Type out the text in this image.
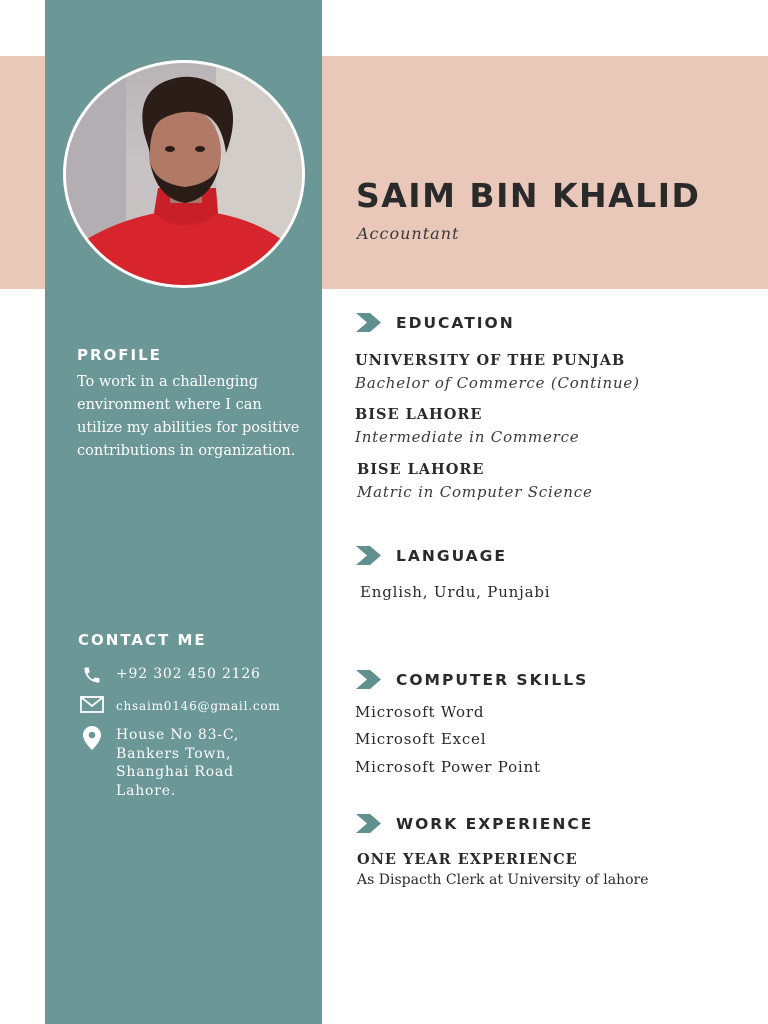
SAIM BIN KHALID
Accountant
PROFILE
To work in a challenging environment where I can utilize my abilities for positive contributions in organization.
CONTACT ME
+92 302 450 2126
chsaim0146@gmail.com
House No 83-C,
Bankers Town,
Shanghai Road
Lahore.
EDUCATION
UNIVERSITY OF THE PUNJAB
Bachelor of Commerce (Continue)
BISE LAHORE
Intermediate in Commerce
BISE LAHORE
Matric in Computer Science
LANGUAGE
English, Urdu, Punjabi
COMPUTER SKILLS
Microsoft Word
Microsoft Excel
Microsoft Power Point
WORK EXPERIENCE
ONE YEAR EXPERIENCE
As Dispacth Clerk at University of lahore
